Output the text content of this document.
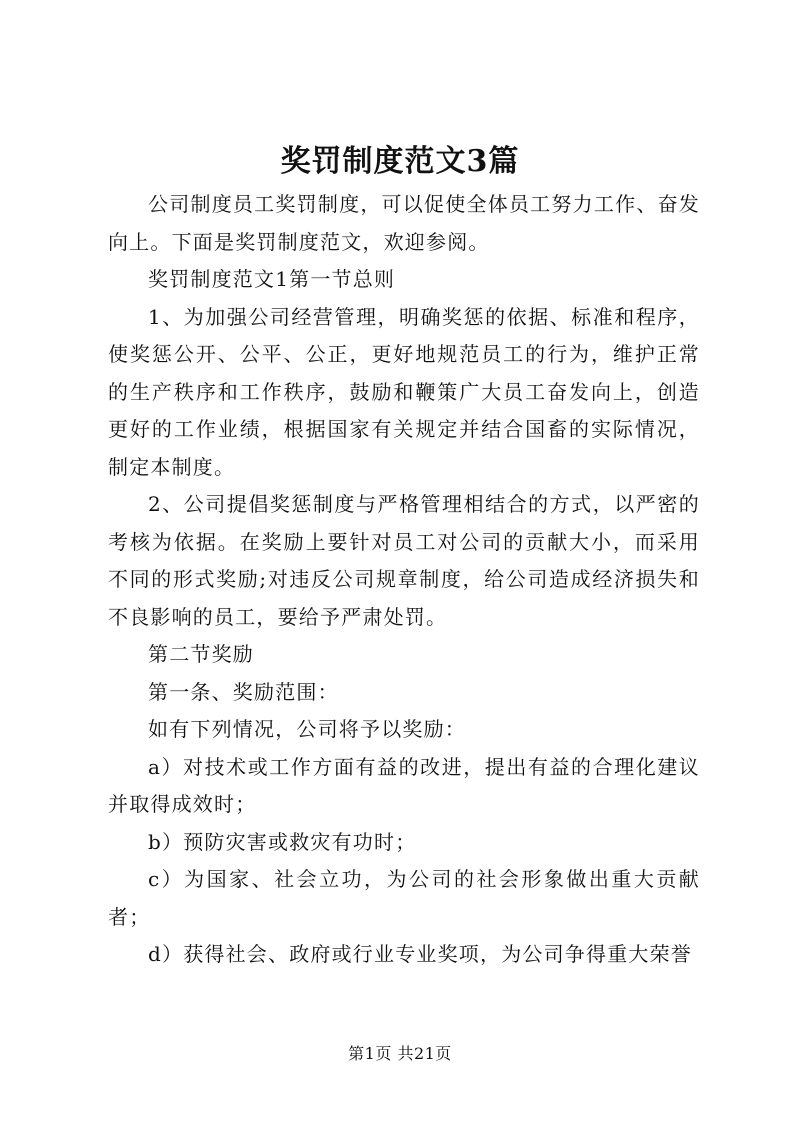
奖罚制度范文3篇

公司制度员工奖罚制度，可以促使全体员工努力工作、奋发向上。下面是奖罚制度范文，欢迎参阅。

奖罚制度范文1第一节总则

1、为加强公司经营管理，明确奖惩的依据、标准和程序，使奖惩公开、公平、公正，更好地规范员工的行为，维护正常的生产秩序和工作秩序，鼓励和鞭策广大员工奋发向上，创造更好的工作业绩，根据国家有关规定并结合国畜的实际情况，制定本制度。

2、公司提倡奖惩制度与严格管理相结合的方式，以严密的考核为依据。在奖励上要针对员工对公司的贡献大小，而采用不同的形式奖励;对违反公司规章制度，给公司造成经济损失和不良影响的员工，要给予严肃处罚。

第二节奖励

第一条、奖励范围：

如有下列情况，公司将予以奖励：

a）对技术或工作方面有益的改进，提出有益的合理化建议并取得成效时；

b）预防灾害或救灾有功时；

c）为国家、社会立功，为公司的社会形象做出重大贡献者；

d）获得社会、政府或行业专业奖项，为公司争得重大荣誉

第1页 共21页
